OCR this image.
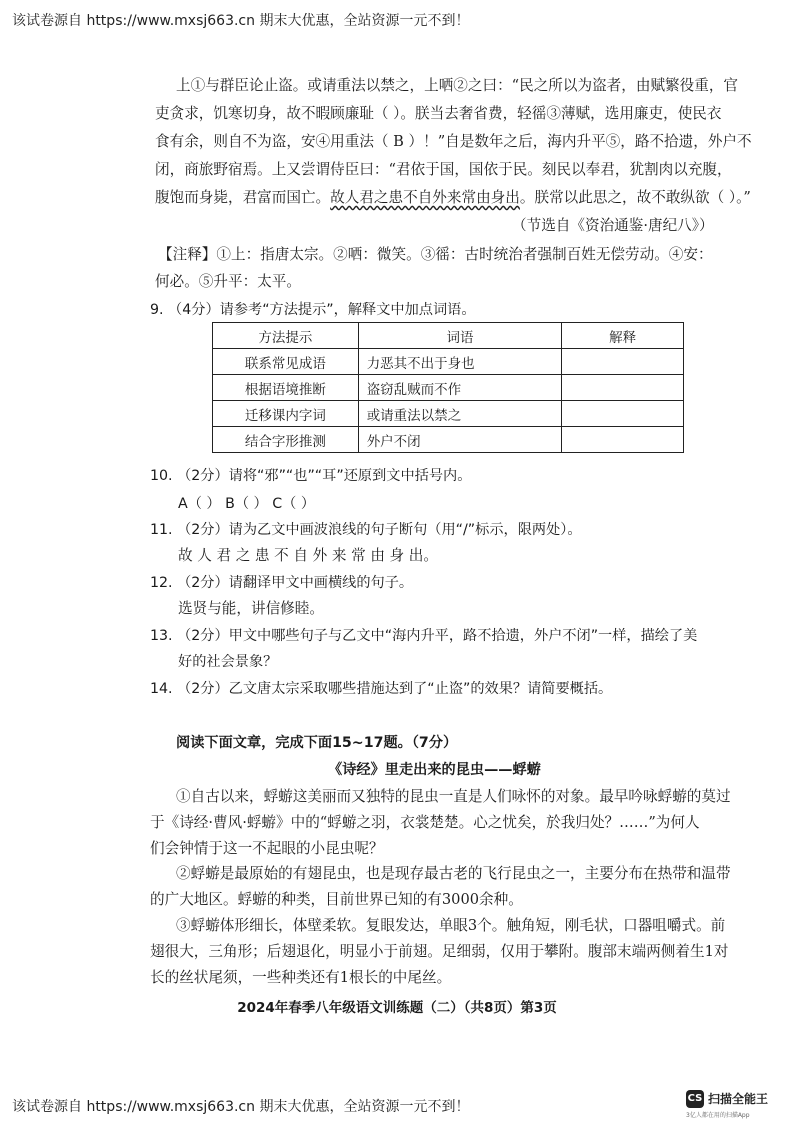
该试卷源自 https://www.mxsj663.cn 期末大优惠，全站资源一元不到！
上①与群臣论止盗。或请重法以禁之，上哂②之曰：“民之所以为盗者，由赋繁役重，官
吏贪求，饥寒切身，故不暇顾廉耻（ ）。朕当去奢省费，轻徭③薄赋，选用廉吏，使民衣
食有余，则自不为盗，安④用重法（ B ）！”自是数年之后，海内升平⑤，路不拾遗，外户不
闭，商旅野宿焉。上又尝谓侍臣曰：“君依于国，国依于民。刻民以奉君，犹割肉以充腹，
腹饱而身毙，君富而国亡。故人君之患不自外来常由身出。朕常以此思之，故不敢纵欲（ ）。”
（节选自《资治通鉴·唐纪八》）
【注释】①上：指唐太宗。②哂：微笑。③徭：古时统治者强制百姓无偿劳动。④安：
何必。⑤升平：太平。
9. （4分）请参考“方法提示”，解释文中加点词语。
方法提示	词语	解释
联系常见成语	力恶其不出于身也	
根据语境推断	盗窃乱贼而不作	
迁移课内字词	或请重法以禁之	
结合字形推测	外户不闭	
10. （2分）请将“邪”“也”“耳”还原到文中括号内。
A（ ） B（ ） C（ ）
11. （2分）请为乙文中画波浪线的句子断句（用“/”标示，限两处）。
故 人 君 之 患 不 自 外 来 常 由 身 出。
12. （2分）请翻译甲文中画横线的句子。
选贤与能，讲信修睦。
13. （2分）甲文中哪些句子与乙文中“海内升平，路不拾遗，外户不闭”一样，描绘了美
好的社会景象？
14. （2分）乙文唐太宗采取哪些措施达到了“止盗”的效果？请简要概括。
阅读下面文章，完成下面15~17题。（7分）
《诗经》里走出来的昆虫——蜉蝣
①自古以来，蜉蝣这美丽而又独特的昆虫一直是人们咏怀的对象。最早吟咏蜉蝣的莫过
于《诗经·曹风·蜉蝣》中的“蜉蝣之羽，衣裳楚楚。心之忧矣，於我归处？……”为何人
们会钟情于这一不起眼的小昆虫呢？
②蜉蝣是最原始的有翅昆虫，也是现存最古老的飞行昆虫之一，主要分布在热带和温带
的广大地区。蜉蝣的种类，目前世界已知的有3000余种。
③蜉蝣体形细长，体壁柔软。复眼发达，单眼3个。触角短，刚毛状，口器咀嚼式。前
翅很大，三角形；后翅退化，明显小于前翅。足细弱，仅用于攀附。腹部末端两侧着生1对
长的丝状尾须，一些种类还有1根长的中尾丝。
2024年春季八年级语文训练题（二）（共8页）第3页
该试卷源自 https://www.mxsj663.cn 期末大优惠，全站资源一元不到！
CS 扫描全能王
3亿人都在用的扫描App
